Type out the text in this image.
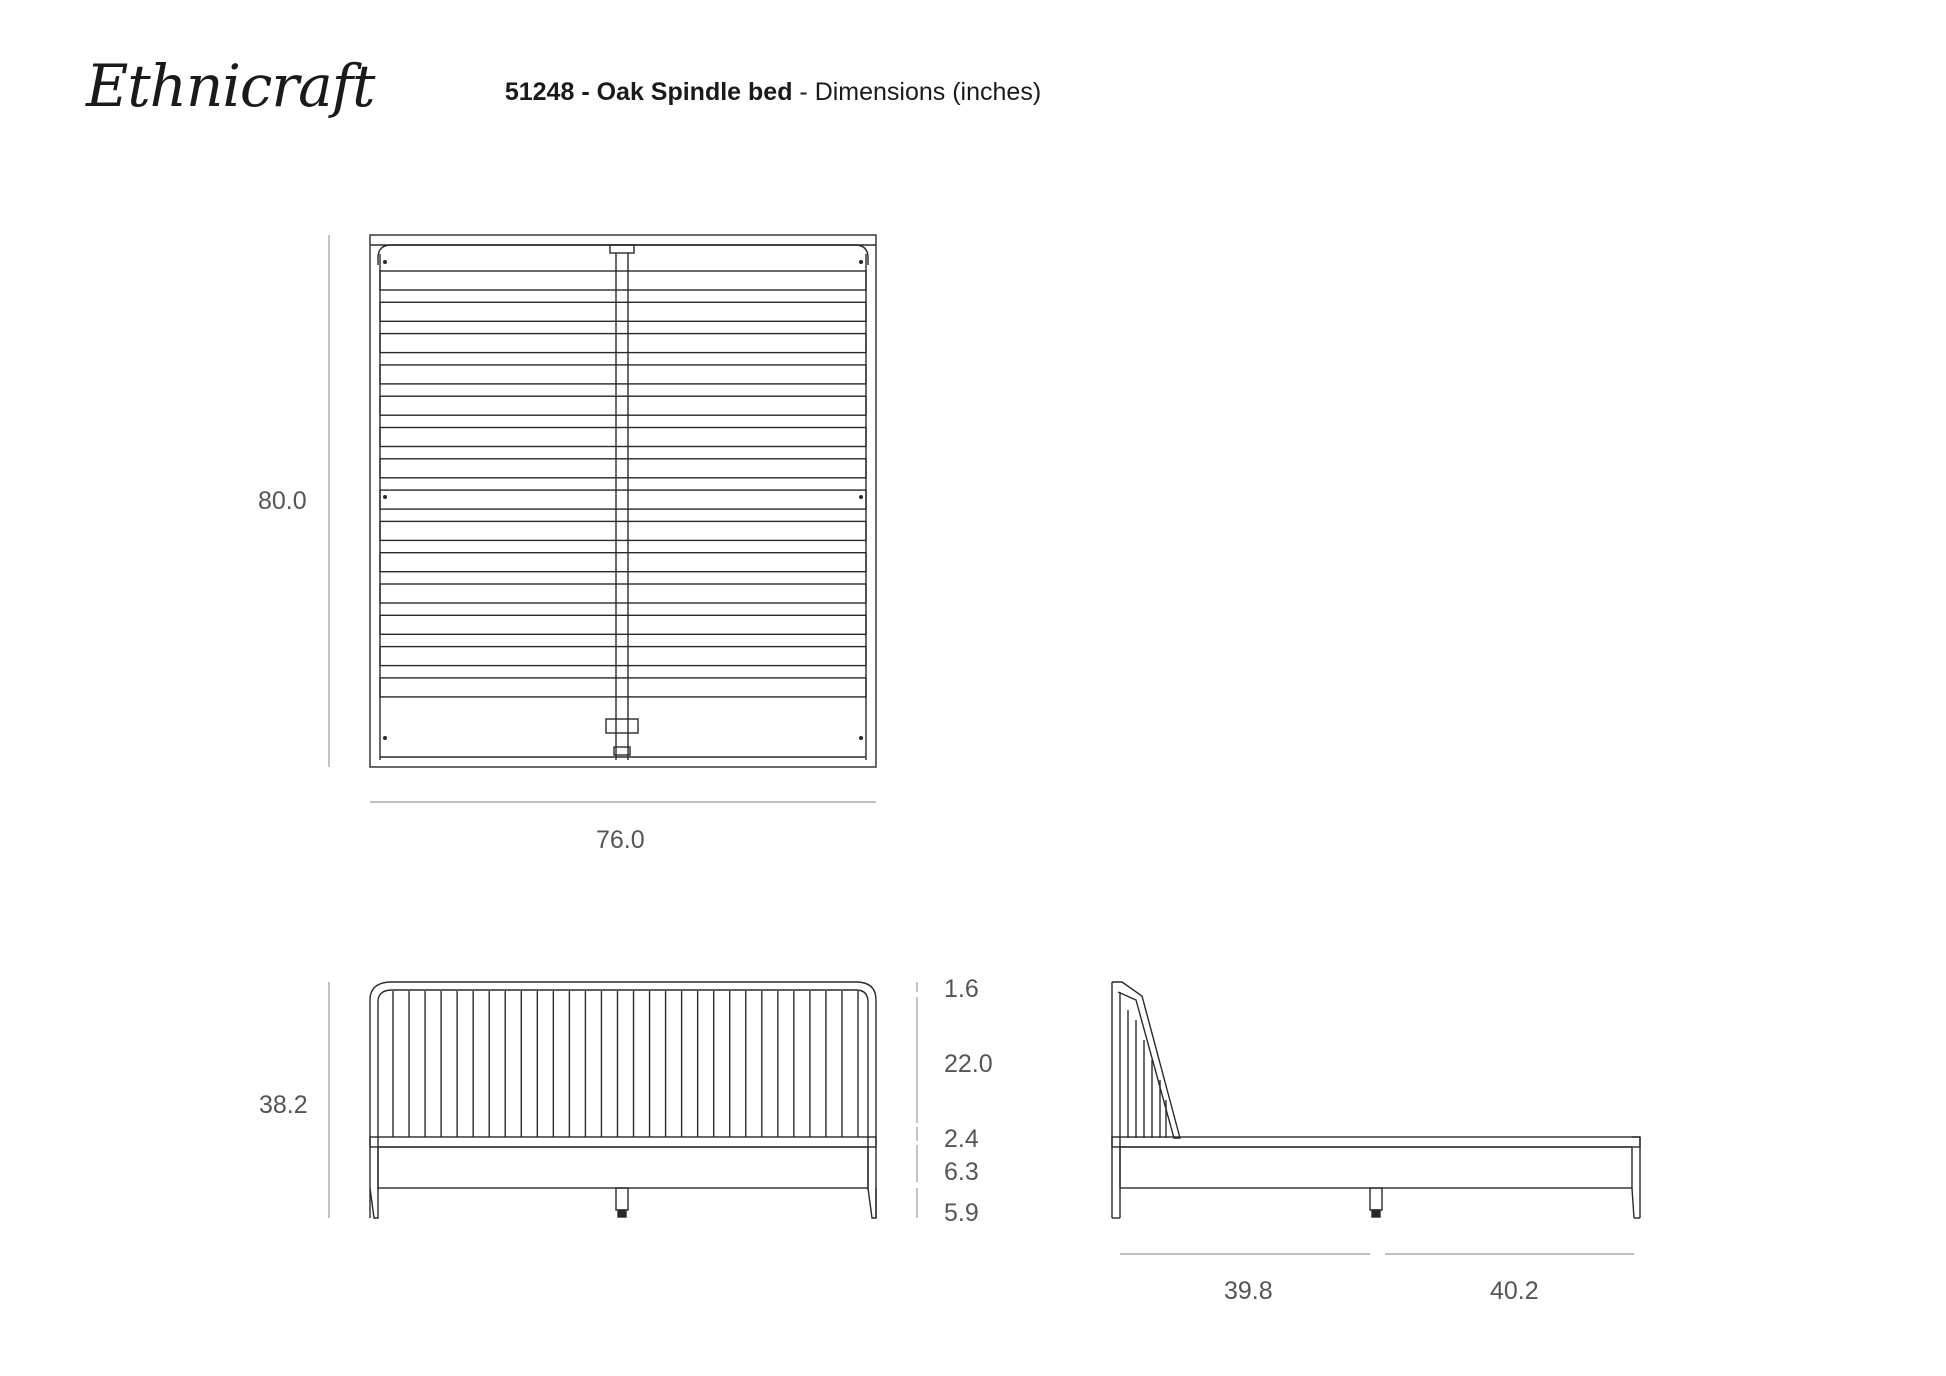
Ethnicraft	51248 - Oak Spindle bed - Dimensions (inches)
80.0
76.0
38.2
1.6
22.0
2.4
6.3
5.9
39.8	40.2
